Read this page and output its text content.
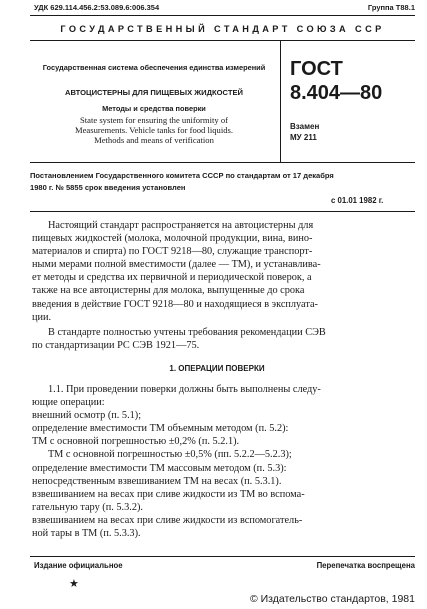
УДК 629.114.456.2:53.089.6:006.354	Группа Т88.1
ГОСУДАРСТВЕННЫЙ СТАНДАРТ СОЮЗА ССР
Государственная система обеспечения единства измерений
АВТОЦИСТЕРНЫ ДЛЯ ПИЩЕВЫХ ЖИДКОСТЕЙ
Методы и средства поверки
State system for ensuring the uniformity of
Measurements. Vehicle tanks for food liquids.
Methods and means of verification
ГОСТ
8.404—80
Взамен
МУ 211
Постановлением Государственного комитета СССР по стандартам от 17 декабря
1980 г. № 5855 срок введения установлен
с 01.01 1982 г.
Настоящий стандарт распространяется на автоцистерны для
пищевых жидкостей (молока, молочной продукции, вина, вино-
материалов и спирта) по ГОСТ 9218—80, служащие транспорт-
ными мерами полной вместимости (далее — ТМ), и устанавлива-
ет методы и средства их первичной и периодической поверок, а
также на все автоцистерны для молока, выпущенные до срока
введения в действие ГОСТ 9218—80 и находящиеся в эксплуата-
ции.
В стандарте полностью учтены требования рекомендации СЭВ
по стандартизации РС СЭВ 1921—75.
1. ОПЕРАЦИИ ПОВЕРКИ
1.1. При проведении поверки должны быть выполнены следу-
ющие операции:
внешний осмотр (п. 5.1);
определение вместимости ТМ объемным методом (п. 5.2):
ТМ с основной погрешностью ±0,2% (п. 5.2.1).
ТМ с основной погрешностью ±0,5% (пп. 5.2.2—5.2.3);
определение вместимости ТМ массовым методом (п. 5.3):
непосредственным взвешиванием ТМ на весах (п. 5.3.1).
взвешиванием на весах при сливе жидкости из ТМ во вспома-
гательную тару (п. 5.3.2).
взвешиванием на весах при сливе жидкости из вспомогатель-
ной тары в ТМ (п. 5.3.3).
Издание официальное	Перепечатка воспрещена
★
© Издательство стандартов, 1981
